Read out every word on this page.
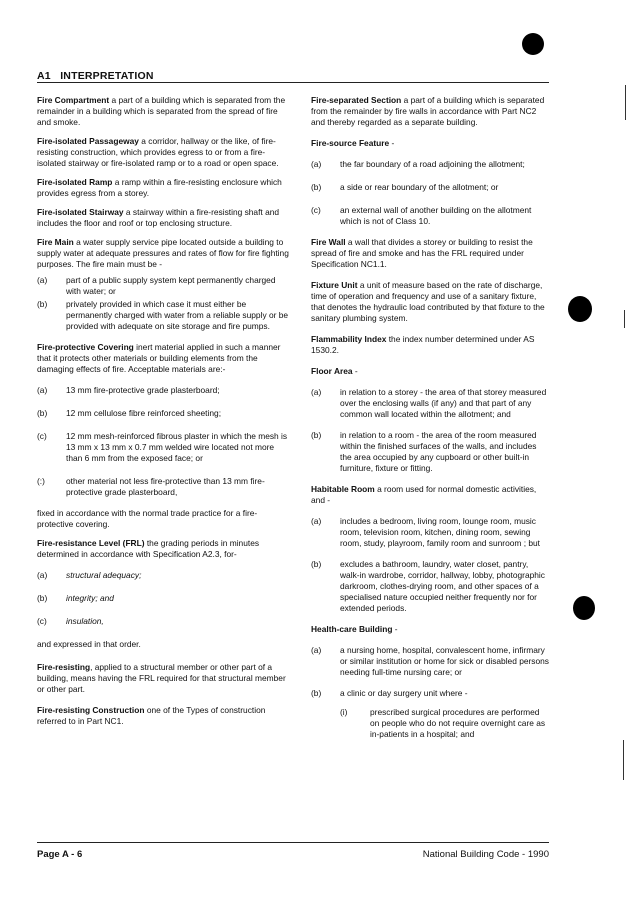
A1 INTERPRETATION

Fire Compartment a part of a building which is separated from the remainder in a building which is separated from the spread of fire and smoke.

Fire-isolated Passageway a corridor, hallway or the like, of fire-resisting construction, which provides egress to or from a fire-isolated stairway or fire-isolated ramp or to a road or open space.

Fire-isolated Ramp a ramp within a fire-resisting enclosure which provides egress from a storey.

Fire-isolated Stairway a stairway within a fire-resisting shaft and includes the floor and roof or top enclosing structure.

Fire Main a water supply service pipe located outside a building to supply water at adequate pressures and rates of flow for fire fighting purposes. The fire main must be -

(a)	part of a public supply system kept permanently charged with water; or
(b)	privately provided in which case it must either be permanently charged with water from a reliable supply or be provided with adequate on site storage and fire pumps.

Fire-protective Covering inert material applied in such a manner that it protects other materials or building elements from the damaging effects of fire. Acceptable materials are:-

(a)	13 mm fire-protective grade plasterboard;
(b)	12 mm cellulose fibre reinforced sheeting;
(c)	12 mm mesh-reinforced fibrous plaster in which the mesh is 13 mm x 13 mm x 0.7 mm welded wire located not more than 6 mm from the exposed face; or
(:)	other material not less fire-protective than 13 mm fire-protective grade plasterboard,

fixed in accordance with the normal trade practice for a fire-protective covering.

Fire-resistance Level (FRL) the grading periods in minutes determined in accordance with Specification A2.3, for-

(a)	structural adequacy;
(b)	integrity; and
(c)	insulation,

and expressed in that order.

Fire-resisting, applied to a structural member or other part of a building, means having the FRL required for that structural member or other part.

Fire-resisting Construction one of the Types of construction referred to in Part NC1.

Fire-separated Section a part of a building which is separated from the remainder by fire walls in accordance with Part NC2 and thereby regarded as a separate building.

Fire-source Feature -

(a)	the far boundary of a road adjoining the allotment;
(b)	a side or rear boundary of the allotment; or
(c)	an external wall of another building on the allotment which is not of Class 10.

Fire Wall a wall that divides a storey or building to resist the spread of fire and smoke and has the FRL required under Specification NC1.1.

Fixture Unit a unit of measure based on the rate of discharge, time of operation and frequency and use of a sanitary fixture, that denotes the hydraulic load contributed by that fixture to the sanitary plumbing system.

Flammability Index the index number determined under AS 1530.2.

Floor Area -

(a)	in relation to a storey - the area of that storey measured over the enclosing walls (if any) and that part of any common wall located within the allotment; and
(b)	in relation to a room - the area of the room measured within the finished surfaces of the walls, and includes the area occupied by any cupboard or other built-in furniture, fixture or fitting.

Habitable Room a room used for normal domestic activities, and -

(a)	includes a bedroom, living room, lounge room, music room, television room, kitchen, dining room, sewing room, study, playroom, family room and sunroom ; but
(b)	excludes a bathroom, laundry, water closet, pantry, walk-in wardrobe, corridor, hallway, lobby, photographic darkroom, clothes-drying room, and other spaces of a specialised nature occupied neither frequently nor for extended periods.

Health-care Building -

(a)	a nursing home, hospital, convalescent home, infirmary or similar institution or home for sick or disabled persons needing full-time nursing care; or
(b)	a clinic or day surgery unit where -
(i)	prescribed surgical procedures are performed on people who do not require overnight care as in-patients in a hospital; and
Page A - 6	National Building Code - 1990
